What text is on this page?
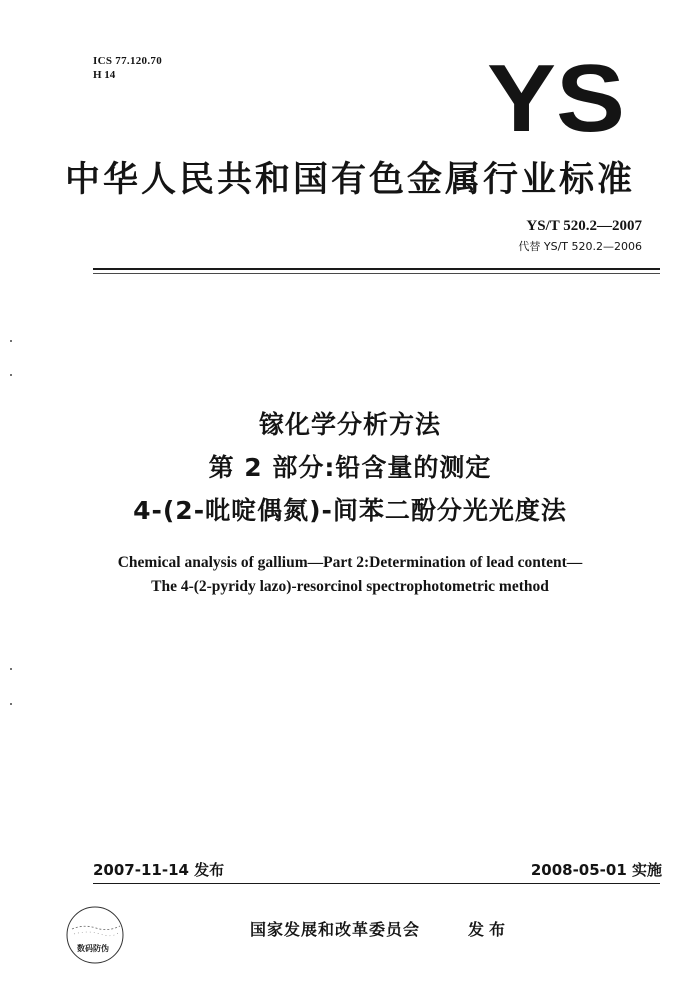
ICS 77.120.70
H 14	YS
中华人民共和国有色金属行业标准
YS/T 520.2—2007
代替 YS/T 520.2—2006
镓化学分析方法
第 2 部分:铅含量的测定
4-(2-吡啶偶氮)-间苯二酚分光光度法
Chemical analysis of gallium—Part 2:Determination of lead content—
The 4-(2-pyridy lazo)-resorcinol spectrophotometric method
2007-11-14 发布	2008-05-01 实施
数码防伪
国家发展和改革委员会	发布
